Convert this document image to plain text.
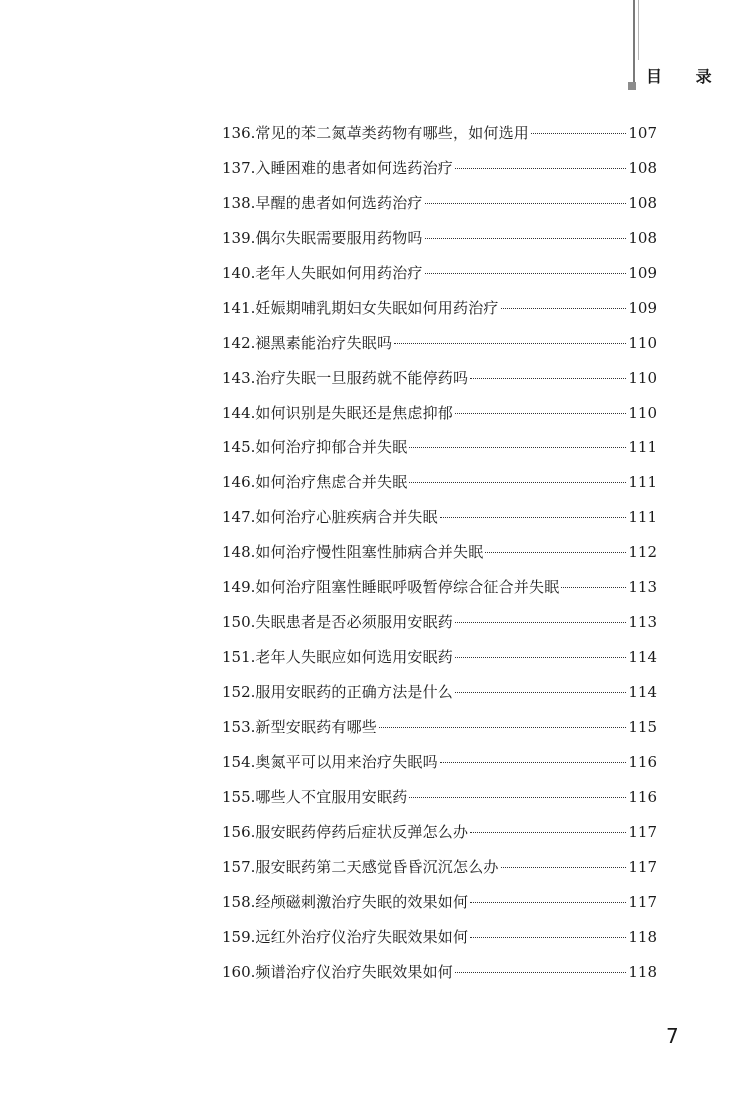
目 录
136. 常见的苯二氮䓬类药物有哪些，如何选用	107
137. 入睡困难的患者如何选药治疗	108
138. 早醒的患者如何选药治疗	108
139. 偶尔失眠需要服用药物吗	108
140. 老年人失眠如何用药治疗	109
141. 妊娠期哺乳期妇女失眠如何用药治疗	109
142. 褪黑素能治疗失眠吗	110
143. 治疗失眠一旦服药就不能停药吗	110
144. 如何识别是失眠还是焦虑抑郁	110
145. 如何治疗抑郁合并失眠	111
146. 如何治疗焦虑合并失眠	111
147. 如何治疗心脏疾病合并失眠	111
148. 如何治疗慢性阻塞性肺病合并失眠	112
149. 如何治疗阻塞性睡眠呼吸暂停综合征合并失眠	113
150. 失眠患者是否必须服用安眠药	113
151. 老年人失眠应如何选用安眠药	114
152. 服用安眠药的正确方法是什么	114
153. 新型安眠药有哪些	115
154. 奥氮平可以用来治疗失眠吗	116
155. 哪些人不宜服用安眠药	116
156. 服安眠药停药后症状反弹怎么办	117
157. 服安眠药第二天感觉昏昏沉沉怎么办	117
158. 经颅磁刺激治疗失眠的效果如何	117
159. 远红外治疗仪治疗失眠效果如何	118
160. 频谱治疗仪治疗失眠效果如何	118
7
